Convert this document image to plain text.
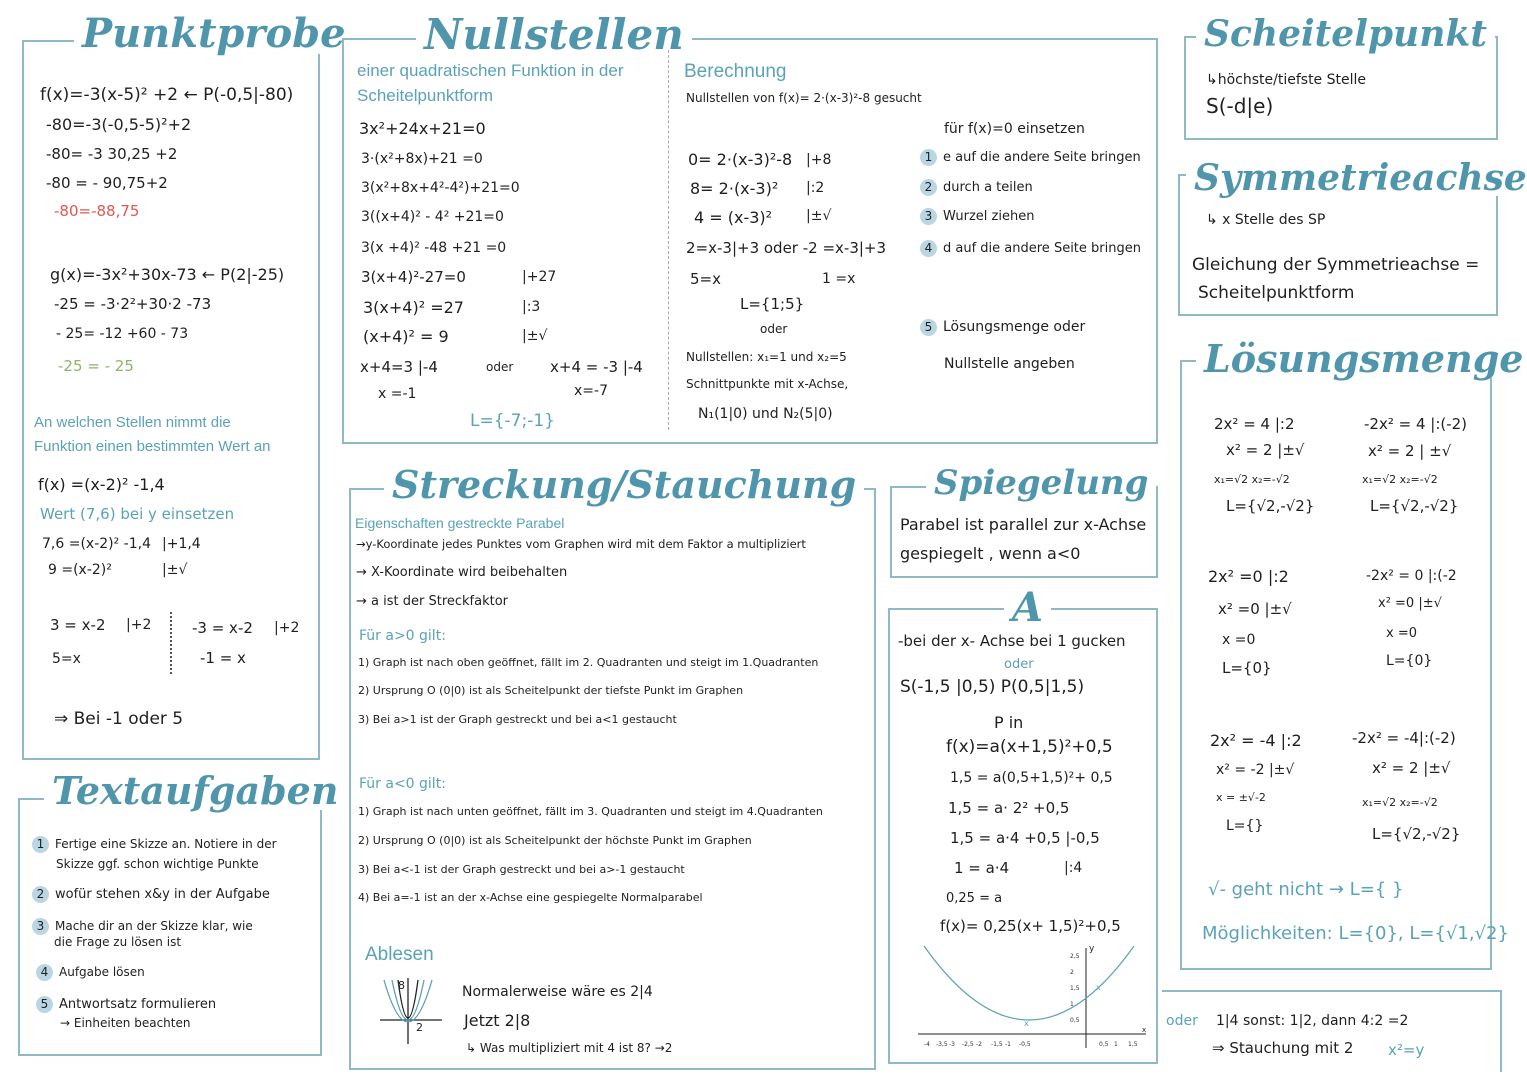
Punktprobe
f(x)=-3(x-5)² +2 ← P(-0,5|-80)
-80=-3(-0,5-5)²+2
-80= -3 30,25 +2
-80 = - 90,75+2
-80=-88,75
g(x)=-3x²+30x-73 ← P(2|-25)
-25 = -3·2²+30·2 -73
- 25= -12 +60 - 73
-25 = - 25
An welchen Stellen nimmt die
Funktion einen bestimmten Wert an
f(x) =(x-2)² -1,4
Wert (7,6) bei y einsetzen
7,6 =(x-2)² -1,4 |+1,4
9 =(x-2)²	|±√
3 = x-2 |+2	-3 = x-2 |+2
5=x	-1 = x
⇒ Bei -1 oder 5
Nullstellen
einer quadratischen Funktion in der
Scheitelpunktform
3x²+24x+21=0
3·(x²+8x)+21 =0
3(x²+8x+4²-4²)+21=0
3((x+4)² - 4² +21=0
3(x +4)² -48 +21 =0
3(x+4)²-27=0	|+27
3(x+4)² =27	|:3
(x+4)² = 9	|±√
x+4=3 |-4	oder x+4 = -3 |-4
x =-1	x=-7
L={-7;-1}
Berechnung
Nullstellen von f(x)= 2·(x-3)²-8 gesucht
0= 2·(x-3)²-8 |+8
8= 2·(x-3)² |:2
4 = (x-3)² |±√
2=x-3|+3 oder -2 =x-3|+3
5=x	1 =x
L={1;5}
oder
Nullstellen: x₁=1 und x₂=5
Schnittpunkte mit x-Achse,
N₁(1|0) und N₂(5|0)
für f(x)=0 einsetzen
1 e auf die andere Seite bringen
2 durch a teilen
3 Wurzel ziehen
4 d auf die andere Seite bringen
5 Lösungsmenge oder
Nullstelle angeben
Scheitelpunkt
↳höchste/tiefste Stelle
S(-d|e)
Symmetrieachse
↳ x Stelle des SP
Gleichung der Symmetrieachse =
Scheitelpunktform
Lösungsmenge
2x² = 4 |:2
x² = 2 |±√
x₁=√2 x₂=-√2
L={√2,-√2}
-2x² = 4 |:(-2)
x² = 2 | ±√
x₁=√2 x₂=-√2
L={√2,-√2}
2x² =0 |:2
x² =0 |±√
x =0
L={0}
-2x² = 0 |:(-2
x² =0 |±√
x =0
L={0}
2x² = -4 |:2
x² = -2 |±√
x = ±√-2
L={}
-2x² = -4|:(-2)
x² = 2 |±√
x₁=√2 x₂=-√2
L={√2,-√2}
√- geht nicht → L={ }
Möglichkeiten: L={0}, L={√1,√2}
Streckung/Stauchung
Eigenschaften gestreckte Parabel
→y-Koordinate jedes Punktes vom Graphen wird mit dem Faktor a multipliziert
→ X-Koordinate wird beibehalten
→ a ist der Streckfaktor
Für a>0 gilt:
1) Graph ist nach oben geöffnet, fällt im 2. Quadranten und steigt im 1.Quadranten
2) Ursprung O (0|0) ist als Scheitelpunkt der tiefste Punkt im Graphen
3) Bei a>1 ist der Graph gestreckt und bei a<1 gestaucht
Für a<0 gilt:
1) Graph ist nach unten geöffnet, fällt im 3. Quadranten und steigt im 4.Quadranten
2) Ursprung O (0|0) ist als Scheitelpunkt der höchste Punkt im Graphen
3) Bei a<-1 ist der Graph gestreckt und bei a>-1 gestaucht
4) Bei a=-1 ist an der x-Achse eine gespiegelte Normalparabel
Ablesen
8
2
Normalerweise wäre es 2|4
Jetzt 2|8
↳ Was multipliziert mit 4 ist 8? →2
Spiegelung
Parabel ist parallel zur x-Achse
gespiegelt , wenn a<0
A
-bei der x- Achse bei 1 gucken
oder
S(-1,5 |0,5) P(0,5|1,5)
P in
f(x)=a(x+1,5)²+0,5
1,5 = a(0,5+1,5)²+ 0,5
1,5 = a· 2² +0,5
1,5 = a·4 +0,5 |-0,5
1 = a·4	|:4
0,25 = a
f(x)= 0,25(x+ 1,5)²+0,5
-4 -3,5 -3 -2,5 -2 -1,5 -1 -0,5	0,5 1 1,5
2,5
2
1,5
1
0,5
x
x
y
x
Textaufgaben
1 Fertige eine Skizze an. Notiere in der
Skizze ggf. schon wichtige Punkte
2 wofür stehen x&y in der Aufgabe
3 Mache dir an der Skizze klar, wie
die Frage zu lösen ist
4 Aufgabe lösen
5 Antwortsatz formulieren
→ Einheiten beachten	oder 1|4 sonst: 1|2, dann 4:2 =2
⇒ Stauchung mit 2 x²=y
